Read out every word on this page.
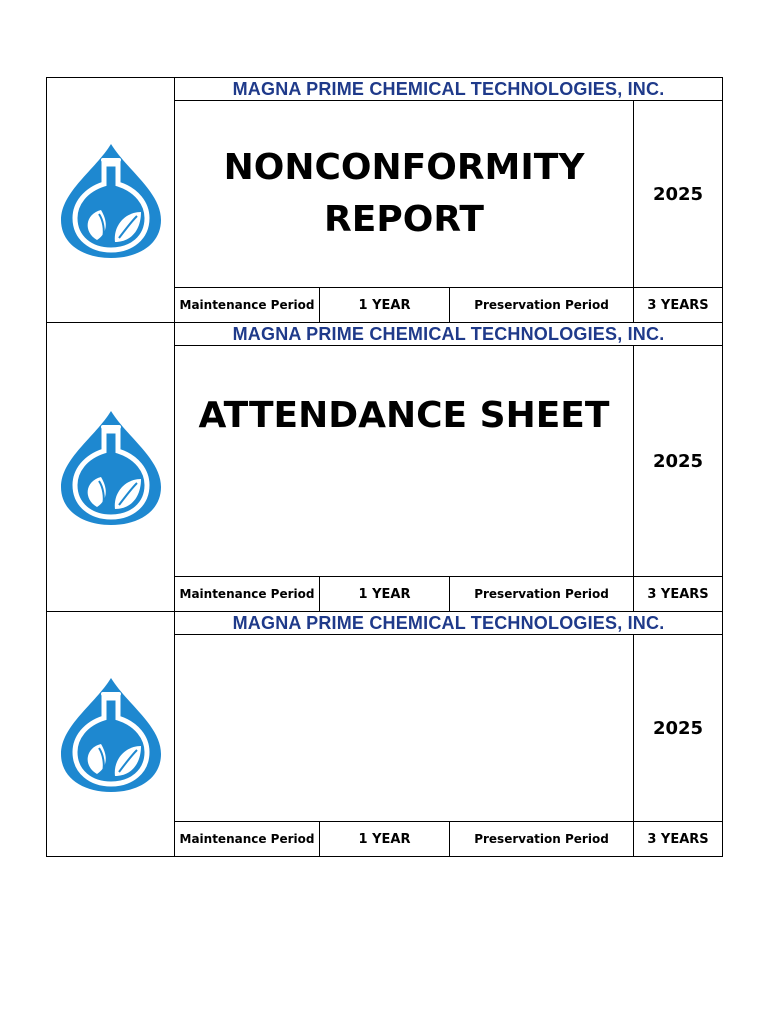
	MAGNA PRIME CHEMICAL TECHNOLOGIES, INC.			
	NONCONFORMITY REPORT			2025
	Maintenance Period	1 YEAR	Preservation Period	3 YEARS
	MAGNA PRIME CHEMICAL TECHNOLOGIES, INC.			
	ATTENDANCE SHEET			2025
	Maintenance Period	1 YEAR	Preservation Period	3 YEARS
	MAGNA PRIME CHEMICAL TECHNOLOGIES, INC.			
				2025
	Maintenance Period	1 YEAR	Preservation Period	3 YEARS
